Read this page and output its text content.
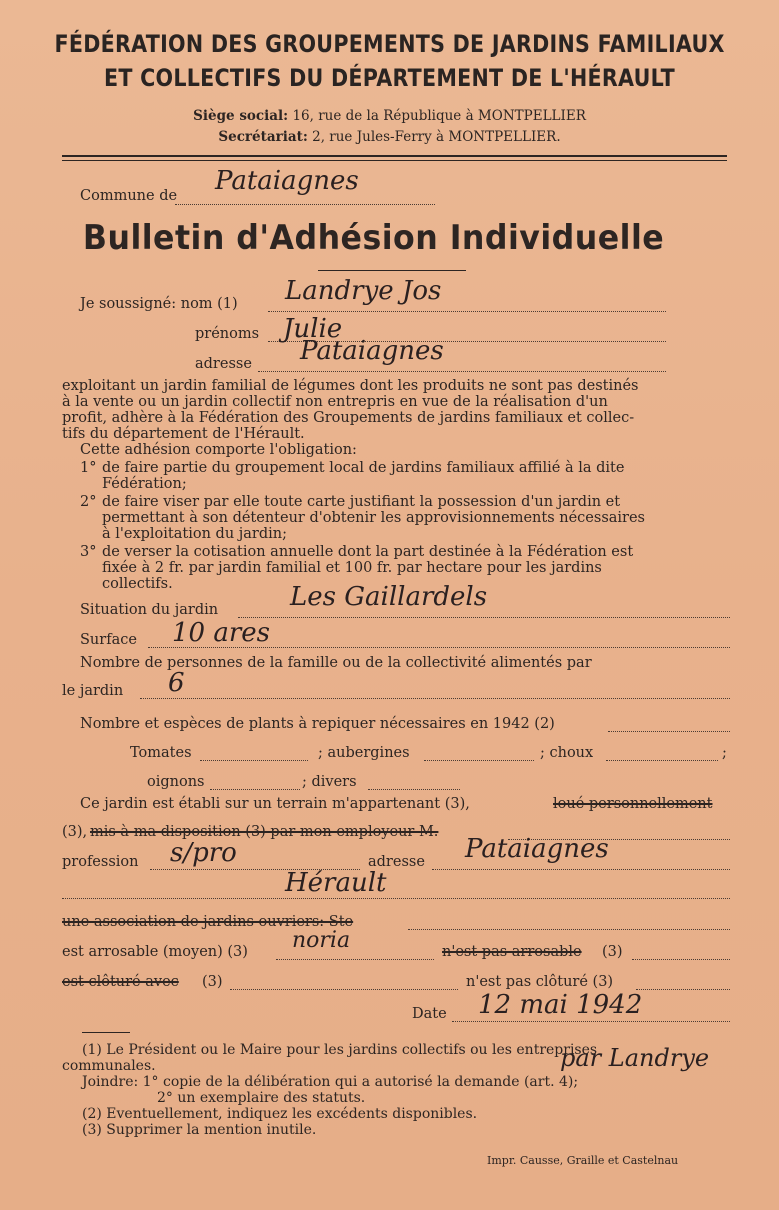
FÉDÉRATION DES GROUPEMENTS DE JARDINS FAMILIAUX
ET COLLECTIFS DU DÉPARTEMENT DE L'HÉRAULT
Siège social: 16, rue de la République à MONTPELLIER
Secrétariat: 2, rue Jules-Ferry à MONTPELLIER.
Commune de Pataiagnes
Bulletin d'Adhésion Individuelle
Je soussigné: nom (1) Landrye Jos
prénoms Julie
adresse Pataiagnes
exploitant un jardin familial de légumes dont les produits ne sont pas destinés
à la vente ou un jardin collectif non entrepris en vue de la réalisation d'un
profit, adhère à la Fédération des Groupements de jardins familiaux et collec-
tifs du département de l'Hérault.
Cette adhésion comporte l'obligation:
1° de faire partie du groupement local de jardins familiaux affilié à la dite
Fédération;
2° de faire viser par elle toute carte justifiant la possession d'un jardin et
permettant à son détenteur d'obtenir les approvisionnements nécessaires
à l'exploitation du jardin;
3° de verser la cotisation annuelle dont la part destinée à la Fédération est
fixée à 2 fr. par jardin familial et 100 fr. par hectare pour les jardins
collectifs.
Situation du jardin	Les Gaillardels
Surface 10 ares
Nombre de personnes de la famille ou de la collectivité alimentés par
le jardin 6
Nombre et espèces de plants à repiquer nécessaires en 1942 (2)
Tomates	; aubergines	; choux	;
oignons	; divers
Ce jardin est établi sur un terrain m'appartenant (3),	loué personnellement
(3), mis à ma disposition (3) par mon employeur M.
profession s/pro	adresse Pataiagnes
Hérault
une association de jardins ouvriers: Ste
est arrosable (moyen) (3) noria	n'est pas arrosable (3)
est clôturé avec (3)	n'est pas clôturé (3)
Date 12 mai 1942
par Landrye
(1) Le Président ou le Maire pour les jardins collectifs ou les entreprises
communales.
Joindre: 1° copie de la délibération qui a autorisé la demande (art. 4);
2° un exemplaire des statuts.
(2) Eventuellement, indiquez les excédents disponibles.
(3) Supprimer la mention inutile.
Impr. Causse, Graille et Castelnau
